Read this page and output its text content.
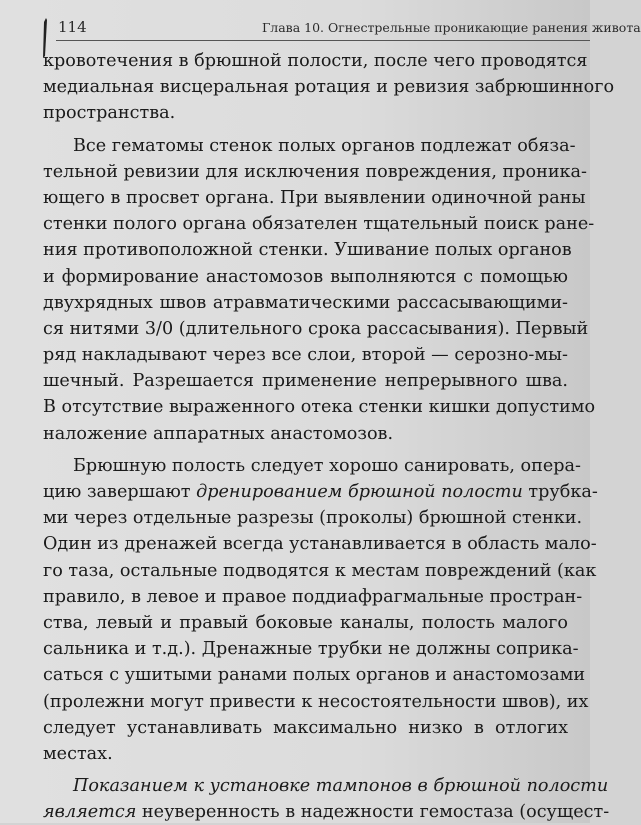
114	Глава 10. Огнестрельные проникающие ранения живота
кровотечения в брюшной полости, после чего проводятся
медиальная висцеральная ротация и ревизия забрюшинного
пространства.
Все гематомы стенок полых органов подлежат обяза-
тельной ревизии для исключения повреждения, проника-
ющего в просвет органа. При выявлении одиночной раны
стенки полого органа обязателен тщательный поиск ране-
ния противоположной стенки. Ушивание полых органов
и формирование анастомозов выполняются с помощью
двухрядных швов атравматическими рассасывающими-
ся нитями 3/0 (длительного срока рассасывания). Первый
ряд накладывают через все слои, второй — серозно-мы-
шечный. Разрешается применение непрерывного шва.
В отсутствие выраженного отека стенки кишки допустимо
наложение аппаратных анастомозов.
Брюшную полость следует хорошо санировать, опера-
цию завершают дренированием брюшной полости трубка-
ми через отдельные разрезы (проколы) брюшной стенки.
Один из дренажей всегда устанавливается в область мало-
го таза, остальные подводятся к местам повреждений (как
правило, в левое и правое поддиафрагмальные простран-
ства, левый и правый боковые каналы, полость малого
сальника и т.д.). Дренажные трубки не должны соприка-
саться с ушитыми ранами полых органов и анастомозами
(пролежни могут привести к несостоятельности швов), их
следует устанавливать максимально низко в отлогих
местах.
Показанием к установке тампонов в брюшной полости
является неуверенность в надежности гемостаза (осущест-
